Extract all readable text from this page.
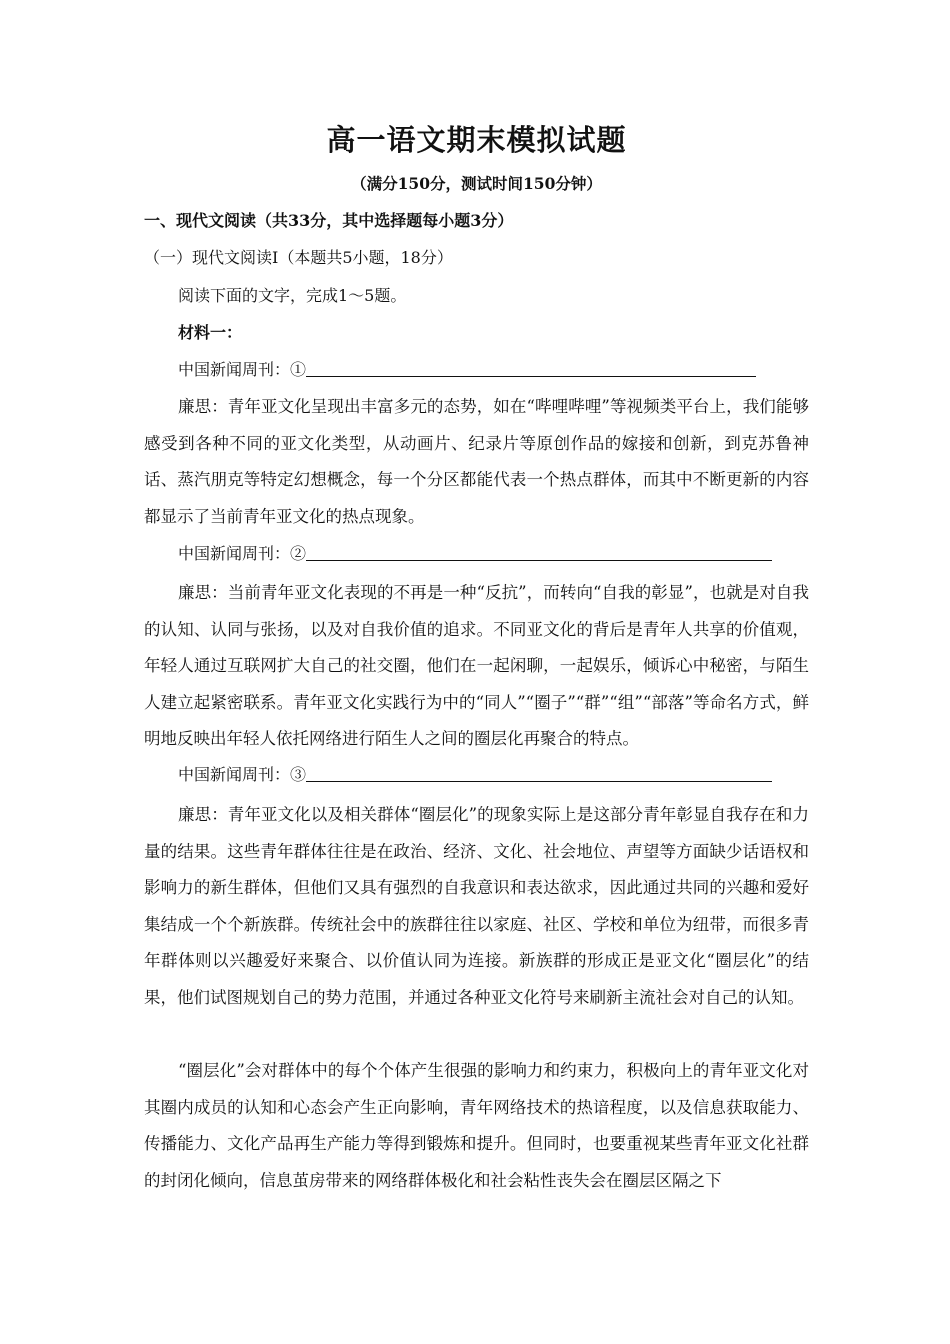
高一语文期末模拟试题
（满分150分，测试时间150分钟）
一、现代文阅读（共33分，其中选择题每小题3分）
（一）现代文阅读Ⅰ（本题共5小题，18分）
阅读下面的文字，完成1～5题。
材料一：
中国新闻周刊：①

廉思：青年亚文化呈现出丰富多元的态势，如在“哔哩哔哩”等视频类平台上，我们能够感受到各种不同的亚文化类型，从动画片、纪录片等原创作品的嫁接和创新，到克苏鲁神话、蒸汽朋克等特定幻想概念，每一个分区都能代表一个热点群体，而其中不断更新的内容都显示了当前青年亚文化的热点现象。

中国新闻周刊：②

廉思：当前青年亚文化表现的不再是一种“反抗”，而转向“自我的彰显”，也就是对自我的认知、认同与张扬，以及对自我价值的追求。不同亚文化的背后是青年人共享的价值观，年轻人通过互联网扩大自己的社交圈，他们在一起闲聊，一起娱乐，倾诉心中秘密，与陌生人建立起紧密联系。青年亚文化实践行为中的“同人”“圈子”“群”“组”“部落”等命名方式，鲜明地反映出年轻人依托网络进行陌生人之间的圈层化再聚合的特点。

中国新闻周刊：③

廉思：青年亚文化以及相关群体“圈层化”的现象实际上是这部分青年彰显自我存在和力量的结果。这些青年群体往往是在政治、经济、文化、社会地位、声望等方面缺少话语权和影响力的新生群体，但他们又具有强烈的自我意识和表达欲求，因此通过共同的兴趣和爱好集结成一个个新族群。传统社会中的族群往往以家庭、社区、学校和单位为纽带，而很多青年群体则以兴趣爱好来聚合、以价值认同为连接。新族群的形成正是亚文化“圈层化”的结果，他们试图规划自己的势力范围，并通过各种亚文化符号来刷新主流社会对自己的认知。

“圈层化”会对群体中的每个个体产生很强的影响力和约束力，积极向上的青年亚文化对其圈内成员的认知和心态会产生正向影响，青年网络技术的热谙程度，以及信息获取能力、传播能力、文化产品再生产能力等得到锻炼和提升。但同时，也要重视某些青年亚文化社群的封闭化倾向，信息茧房带来的网络群体极化和社会粘性丧失会在圈层区隔之下
